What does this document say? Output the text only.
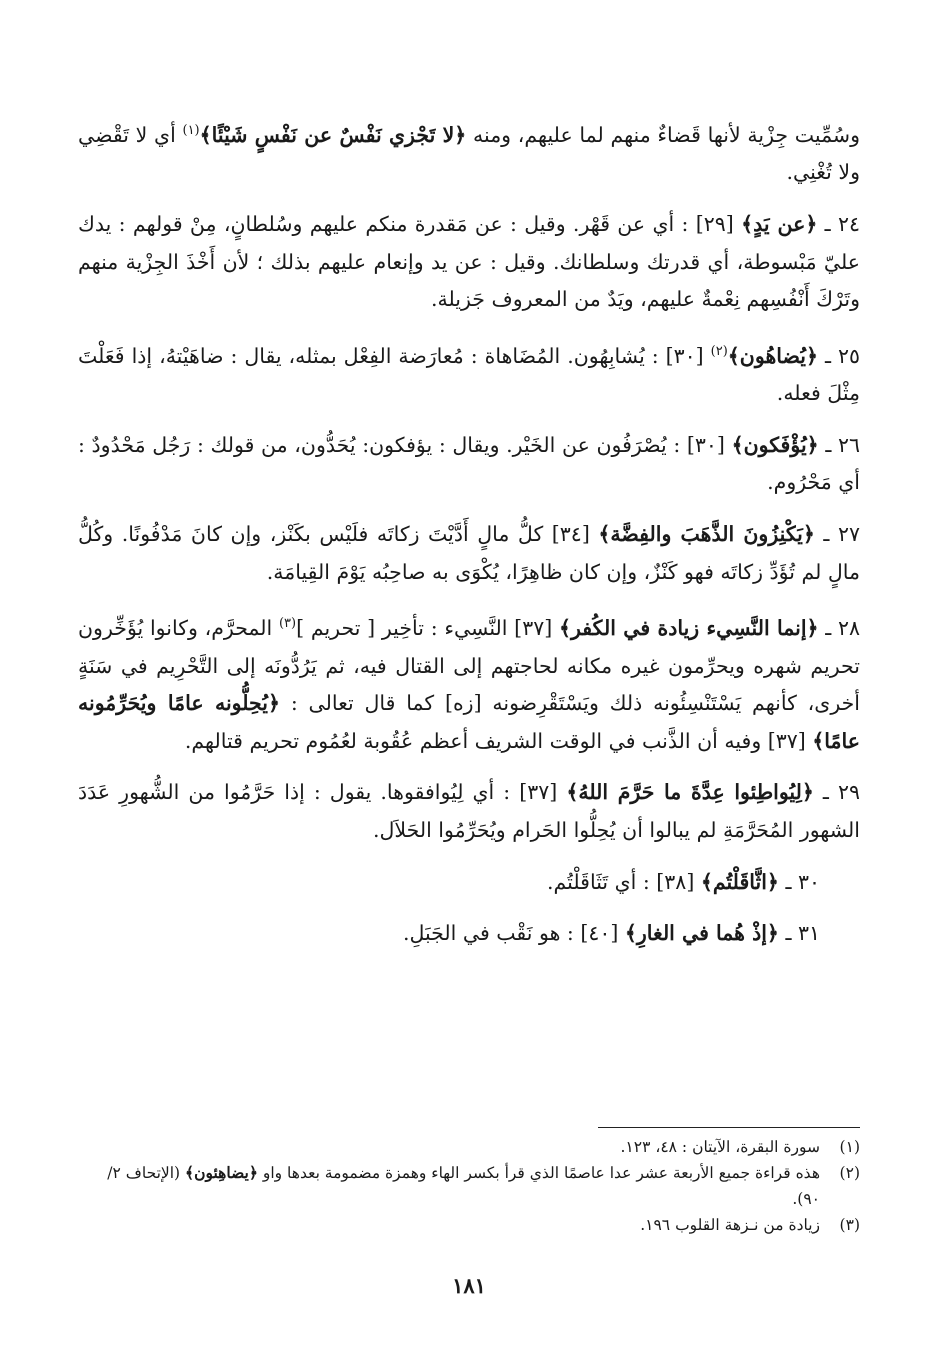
وسُمِّيت جِزْية لأنها قَضاءٌ منهم لما عليهم، ومنه ﴿لا تَجْزي نَفْسٌ عن نَفْسٍ شَيْئًا﴾$^{(١)}$ أي لا تَقْضِي ولا تُغْنِي.

٢٤ ـ ﴿عن يَدٍ﴾ [٢٩] : أي عن قَهْر. وقيل : عن مَقدرة منكم عليهم وسُلطانٍ، مِنْ قولهم : يدك عليّ مَبْسوطة، أي قدرتك وسلطانك. وقيل : عن يد وإنعام عليهم بذلك ؛ لأن أَخْذَ الجِزْية منهم وتَرْكَ أَنْفُسِهم نِعْمةٌ عليهم، ويَدٌ من المعروف جَزيلة.

٢٥ ـ ﴿يُضاهُون﴾$^{(٢)}$ [٣٠] : يُشابِهُون. المُضَاهاة : مُعارَضة الفِعْل بمثله، يقال : ضاهَيْتهُ، إذا فَعَلْتَ مِثْلَ فعله.

٢٦ ـ ﴿يُؤْفَكون﴾ [٣٠] : يُصْرَفُون عن الخَيْر. ويقال : يؤفكون: يُحَدُّون، من قولك : رَجُل مَحْدُودٌ : أي مَحْرُوم.

٢٧ ـ ﴿يَكْنِزُونَ الذَّهَبَ والفِضَّة﴾ [٣٤] كلُّ مالٍ أَدَّيْتَ زكاتَه فلَيْس بكَنْز، وإن كانَ مَدْفُونًا. وكُلُّ مالٍ لم تُؤَدِّ زكاتَه فهو كَنْزٌ، وإن كان ظاهِرًا، يُكْوَى به صاحِبُه يَوْمَ القِيامَة.

٢٨ ـ ﴿إنما النَّسِيء زيادة في الكُفر﴾ [٣٧] النَّسِيء : تأخِير [ تحريم ]$^{(٣)}$ المحرَّم، وكانوا يُؤَخِّرون تحريم شهره ويحرِّمون غيره مكانه لحاجتهم إلى القتال فيه، ثم يَرُدُّونَه إلى التَّحْرِيم في سَنَةٍ أخرى، كأنهم يَسْتَنْسِئُونه ذلك ويَسْتَقْرِضونه [زه] كما قال تعالى : ﴿يُحِلُّونه عامًا ويُحَرِّمُونه عامًا﴾ [٣٧] وفيه أن الذَّنب في الوقت الشريف أعظم عُقُوبة لعُمُوم تحريم قتالهم.

٢٩ ـ ﴿لِيُواطِئوا عِدَّةَ ما حَرَّمَ اللهُ﴾ [٣٧] : أي لِيُوافقوها. يقول : إذا حَرَّمُوا من الشُّهورِ عَدَدَ الشهور المُحَرَّمَةِ لم يبالوا أن يُحِلُّوا الحَرام ويُحَرِّمُوا الحَلاَل.

٣٠ ـ ﴿اثَّاقَلْتُم﴾ [٣٨] : أي تَثَاقَلْتُم.

٣١ ـ ﴿إذْ هُما في الغارِ﴾ [٤٠] : هو نَقْب في الجَبَلِ.

(١)
سورة البقرة، الآيتان : ٤٨، ١٢٣.
(٢)
هذه قراءة جميع الأربعة عشر عدا عاصمًا الذي قرأ بكسر الهاء وهمزة مضمومة بعدها واو ﴿يضاهِئون﴾ (الإتحاف ٢/ ٩٠).
(٣)
زيادة من نـزهة القلوب ١٩٦.
١٨١
